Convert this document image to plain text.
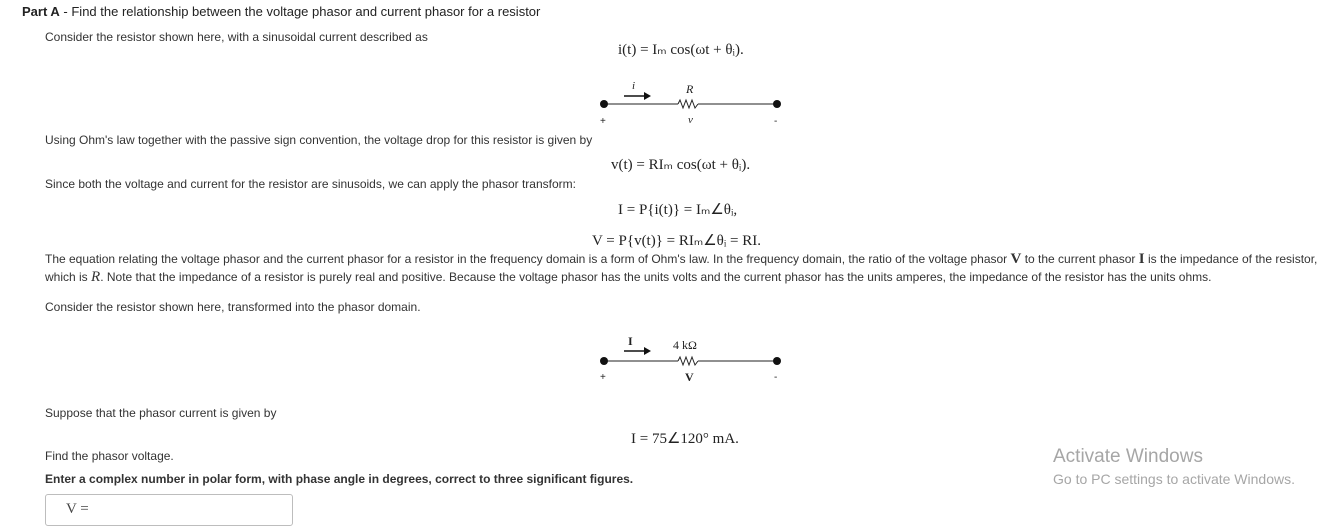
Part A - Find the relationship between the voltage phasor and current phasor for a resistor
Consider the resistor shown here, with a sinusoidal current described as
i(t) = Iₘ cos(ωt + θᵢ).
i	R
v
+	-
Using Ohm's law together with the passive sign convention, the voltage drop for this resistor is given by
v(t) = RIₘ cos(ωt + θᵢ).
Since both the voltage and current for the resistor are sinusoids, we can apply the phasor transform:
I = P{i(t)} = Iₘ∠θᵢ,
V = P{v(t)} = RIₘ∠θᵢ = RI.
The equation relating the voltage phasor and the current phasor for a resistor in the frequency domain is a form of Ohm's law. In the frequency domain, the ratio of the voltage phasor V to the current phasor I is the impedance of the resistor, which is R. Note that the impedance of a resistor is purely real and positive. Because the voltage phasor has the units volts and the current phasor has the units amperes, the impedance of the resistor has the units ohms.
Consider the resistor shown here, transformed into the phasor domain.
I	4 kΩ
V
+	-
Suppose that the phasor current is given by
I = 75∠120° mA.
Find the phasor voltage.
Enter a complex number in polar form, with phase angle in degrees, correct to three significant figures.
V =
Activate Windows
Go to PC settings to activate Windows.
